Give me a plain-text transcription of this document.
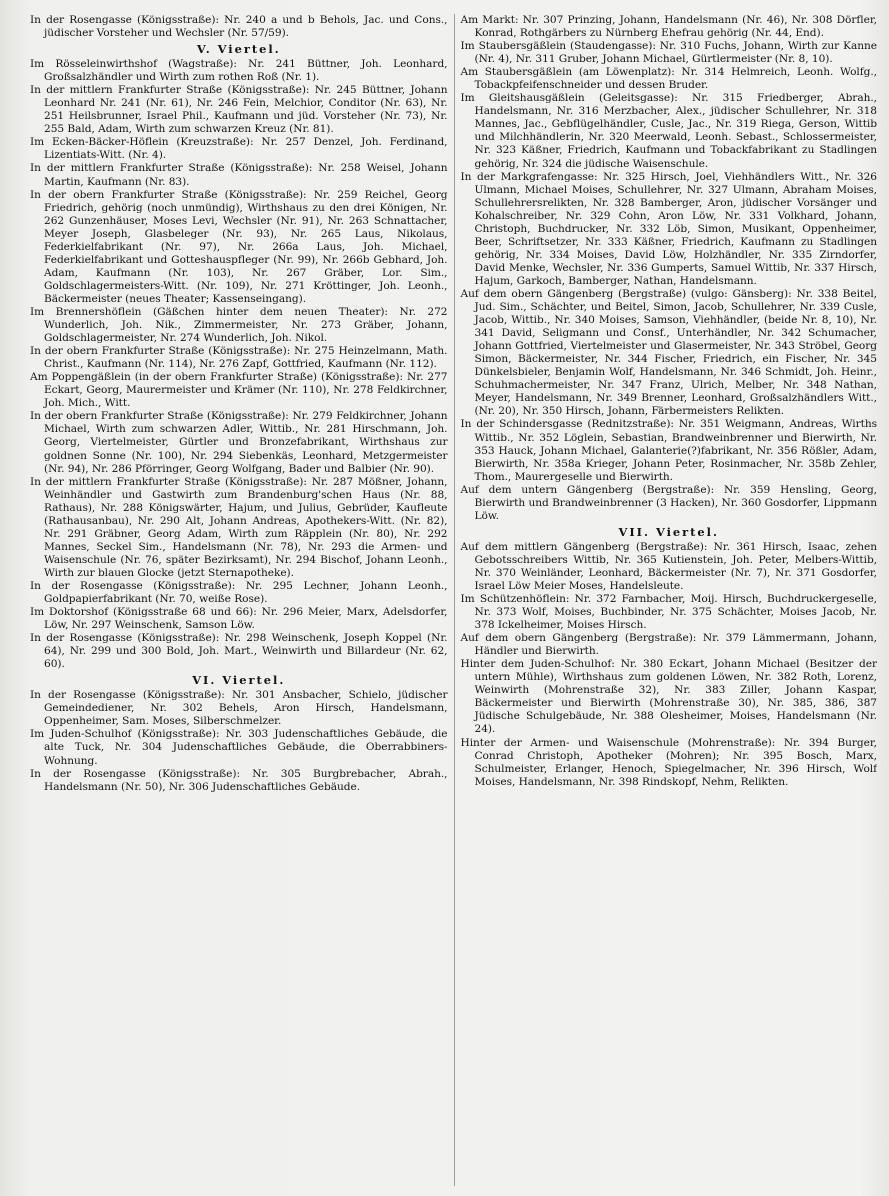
In der Rosengasse (Königsstraße): Nr. 240 a und b Behols, Jac. und Cons., jüdischer Vorsteher und Wechsler (Nr. 57/59).

V. Viertel.

Im Rösseleinwirthshof (Wagstraße): Nr. 241 Büttner, Joh. Leonhard, Großsalzhändler und Wirth zum rothen Roß (Nr. 1).

In der mittlern Frankfurter Straße (Königsstraße): Nr. 245 Büttner, Johann Leonhard Nr. 241 (Nr. 61), Nr. 246 Fein, Melchior, Conditor (Nr. 63), Nr. 251 Heilsbrunner, Israel Phil., Kaufmann und jüd. Vorsteher (Nr. 73), Nr. 255 Bald, Adam, Wirth zum schwarzen Kreuz (Nr. 81).

Im Ecken-Bäcker-Höflein (Kreuzstraße): Nr. 257 Denzel, Joh. Ferdinand, Lizentiats-Witt. (Nr. 4).

In der mittlern Frankfurter Straße (Königsstraße): Nr. 258 Weisel, Johann Martin, Kaufmann (Nr. 83).

In der obern Frankfurter Straße (Königsstraße): Nr. 259 Reichel, Georg Friedrich, gehörig (noch unmündig), Wirthshaus zu den drei Königen, Nr. 262 Gunzenhäuser, Moses Levi, Wechsler (Nr. 91), Nr. 263 Schnattacher, Meyer Joseph, Glasbeleger (Nr. 93), Nr. 265 Laus, Nikolaus, Federkielfabrikant (Nr. 97), Nr. 266a Laus, Joh. Michael, Federkielfabrikant und Gotteshauspfleger (Nr. 99), Nr. 266b Gebhard, Joh. Adam, Kaufmann (Nr. 103), Nr. 267 Gräber, Lor. Sim., Goldschlagermeisters-Witt. (Nr. 109), Nr. 271 Kröttinger, Joh. Leonh., Bäckermeister (neues Theater; Kassenseingang).

Im Brennershöflein (Gäßchen hinter dem neuen Theater): Nr. 272 Wunderlich, Joh. Nik., Zimmermeister, Nr. 273 Gräber, Johann, Goldschlagermeister, Nr. 274 Wunderlich, Joh. Nikol.

In der obern Frankfurter Straße (Königsstraße): Nr. 275 Heinzelmann, Math. Christ., Kaufmann (Nr. 114), Nr. 276 Zapf, Gottfried, Kaufmann (Nr. 112).

Am Poppengäßlein (in der obern Frankfurter Straße) (Königsstraße): Nr. 277 Eckart, Georg, Maurermeister und Krämer (Nr. 110), Nr. 278 Feldkirchner, Joh. Mich., Witt.

In der obern Frankfurter Straße (Königsstraße): Nr. 279 Feldkirchner, Johann Michael, Wirth zum schwarzen Adler, Wittib., Nr. 281 Hirschmann, Joh. Georg, Viertelmeister, Gürtler und Bronzefabrikant, Wirthshaus zur goldnen Sonne (Nr. 100), Nr. 294 Siebenkäs, Leonhard, Metzgermeister (Nr. 94), Nr. 286 Pförringer, Georg Wolfgang, Bader und Balbier (Nr. 90).

In der mittlern Frankfurter Straße (Königsstraße): Nr. 287 Mößner, Johann, Weinhändler und Gastwirth zum Brandenburg'schen Haus (Nr. 88, Rathaus), Nr. 288 Königswärter, Hajum, und Julius, Gebrüder, Kaufleute (Rathausanbau), Nr. 290 Alt, Johann Andreas, Apothekers-Witt. (Nr. 82), Nr. 291 Gräbner, Georg Adam, Wirth zum Räpplein (Nr. 80), Nr. 292 Mannes, Seckel Sim., Handelsmann (Nr. 78), Nr. 293 die Armen- und Waisenschule (Nr. 76, später Bezirksamt), Nr. 294 Bischof, Johann Leonh., Wirth zur blauen Glocke (jetzt Sternapotheke).

In der Rosengasse (Königsstraße): Nr. 295 Lechner, Johann Leonh., Goldpapierfabrikant (Nr. 70, weiße Rose).

Im Doktorshof (Königsstraße 68 und 66): Nr. 296 Meier, Marx, Adelsdorfer, Löw, Nr. 297 Weinschenk, Samson Löw.

In der Rosengasse (Königsstraße): Nr. 298 Weinschenk, Joseph Koppel (Nr. 64), Nr. 299 und 300 Bold, Joh. Mart., Weinwirth und Billardeur (Nr. 62, 60).

VI. Viertel.

In der Rosengasse (Königsstraße): Nr. 301 Ansbacher, Schielo, jüdischer Gemeindediener, Nr. 302 Behels, Aron Hirsch, Handelsmann, Oppenheimer, Sam. Moses, Silberschmelzer.

Im Juden-Schulhof (Königsstraße): Nr. 303 Judenschaftliches Gebäude, die alte Tuck, Nr. 304 Judenschaftliches Gebäude, die Oberrabbiners-Wohnung.

In der Rosengasse (Königsstraße): Nr. 305 Burgbrebacher, Abrah., Handelsmann (Nr. 50), Nr. 306 Judenschaftliches Gebäude.

Am Markt: Nr. 307 Prinzing, Johann, Handelsmann (Nr. 46), Nr. 308 Dörfler, Konrad, Rothgärbers zu Nürnberg Ehefrau gehörig (Nr. 44, End).

Im Staubersgäßlein (Staudengasse): Nr. 310 Fuchs, Johann, Wirth zur Kanne (Nr. 4), Nr. 311 Gruber, Johann Michael, Gürtlermeister (Nr. 8, 10).

Am Staubersgäßlein (am Löwenplatz): Nr. 314 Helmreich, Leonh. Wolfg., Tobackpfeifenschneider und dessen Bruder.

Im Gleitshausgäßlein (Geleitsgasse): Nr. 315 Friedberger, Abrah., Handelsmann, Nr. 316 Merzbacher, Alex., jüdischer Schullehrer, Nr. 318 Mannes, Jac., Gebflügelhändler, Cusle, Jac., Nr. 319 Riega, Gerson, Wittib und Milchhändlerin, Nr. 320 Meerwald, Leonh. Sebast., Schlossermeister, Nr. 323 Käßner, Friedrich, Kaufmann und Tobackfabrikant zu Stadlingen gehörig, Nr. 324 die jüdische Waisenschule.

In der Markgrafengasse: Nr. 325 Hirsch, Joel, Viehhändlers Witt., Nr. 326 Ulmann, Michael Moises, Schullehrer, Nr. 327 Ulmann, Abraham Moises, Schullehrersrelikten, Nr. 328 Bamberger, Aron, jüdischer Vorsänger und Kohalschreiber, Nr. 329 Cohn, Aron Löw, Nr. 331 Volkhard, Johann, Christoph, Buchdrucker, Nr. 332 Löb, Simon, Musikant, Oppenheimer, Beer, Schriftsetzer, Nr. 333 Käßner, Friedrich, Kaufmann zu Stadlingen gehörig, Nr. 334 Moises, David Löw, Holzhändler, Nr. 335 Zirndorfer, David Menke, Wechsler, Nr. 336 Gumperts, Samuel Wittib, Nr. 337 Hirsch, Hajum, Garkoch, Bamberger, Nathan, Handelsmann.

Auf dem obern Gängenberg (Bergstraße) (vulgo: Gänsberg): Nr. 338 Beitel, Jud. Sim., Schächter, und Beitel, Simon, Jacob, Schullehrer, Nr. 339 Cusle, Jacob, Wittib., Nr. 340 Moises, Samson, Viehhändler, (beide Nr. 8, 10), Nr. 341 David, Seligmann und Consf., Unterhändler, Nr. 342 Schumacher, Johann Gottfried, Viertelmeister und Glasermeister, Nr. 343 Ströbel, Georg Simon, Bäckermeister, Nr. 344 Fischer, Friedrich, ein Fischer, Nr. 345 Dünkelsbieler, Benjamin Wolf, Handelsmann, Nr. 346 Schmidt, Joh. Heinr., Schuhmachermeister, Nr. 347 Franz, Ulrich, Melber, Nr. 348 Nathan, Meyer, Handelsmann, Nr. 349 Brenner, Leonhard, Großsalzhändlers Witt., (Nr. 20), Nr. 350 Hirsch, Johann, Färbermeisters Relikten.

In der Schindersgasse (Rednitzstraße): Nr. 351 Weigmann, Andreas, Wirths Wittib., Nr. 352 Löglein, Sebastian, Brandweinbrenner und Bierwirth, Nr. 353 Hauck, Johann Michael, Galanterie(?)fabrikant, Nr. 356 Rößler, Adam, Bierwirth, Nr. 358a Krieger, Johann Peter, Rosinmacher, Nr. 358b Zehler, Thom., Maurergeselle und Bierwirth.

Auf dem untern Gängenberg (Bergstraße): Nr. 359 Hensling, Georg, Bierwirth und Brandweinbrenner (3 Hacken), Nr. 360 Gosdorfer, Lippmann Löw.

VII. Viertel.

Auf dem mittlern Gängenberg (Bergstraße): Nr. 361 Hirsch, Isaac, zehen Gebotsschreibers Wittib, Nr. 365 Kutienstein, Joh. Peter, Melbers-Wittib, Nr. 370 Weinländer, Leonhard, Bäckermeister (Nr. 7), Nr. 371 Gosdorfer, Israel Löw Meier Moses, Handelsleute.

Im Schützenhöflein: Nr. 372 Farnbacher, Moij. Hirsch, Buchdruckergeselle, Nr. 373 Wolf, Moises, Buchbinder, Nr. 375 Schächter, Moises Jacob, Nr. 378 Ickelheimer, Moises Hirsch.

Auf dem obern Gängenberg (Bergstraße): Nr. 379 Lämmermann, Johann, Händler und Bierwirth.

Hinter dem Juden-Schulhof: Nr. 380 Eckart, Johann Michael (Besitzer der untern Mühle), Wirthshaus zum goldenen Löwen, Nr. 382 Roth, Lorenz, Weinwirth (Mohrenstraße 32), Nr. 383 Ziller, Johann Kaspar, Bäckermeister und Bierwirth (Mohrenstraße 30), Nr. 385, 386, 387 Jüdische Schulgebäude, Nr. 388 Olesheimer, Moises, Handelsmann (Nr. 24).

Hinter der Armen- und Waisenschule (Mohrenstraße): Nr. 394 Burger, Conrad Christoph, Apotheker (Mohren); Nr. 395 Bosch, Marx, Schulmeister, Erlanger, Henoch, Spiegelmacher, Nr. 396 Hirsch, Wolf Moises, Handelsmann, Nr. 398 Rindskopf, Nehm, Relikten.
